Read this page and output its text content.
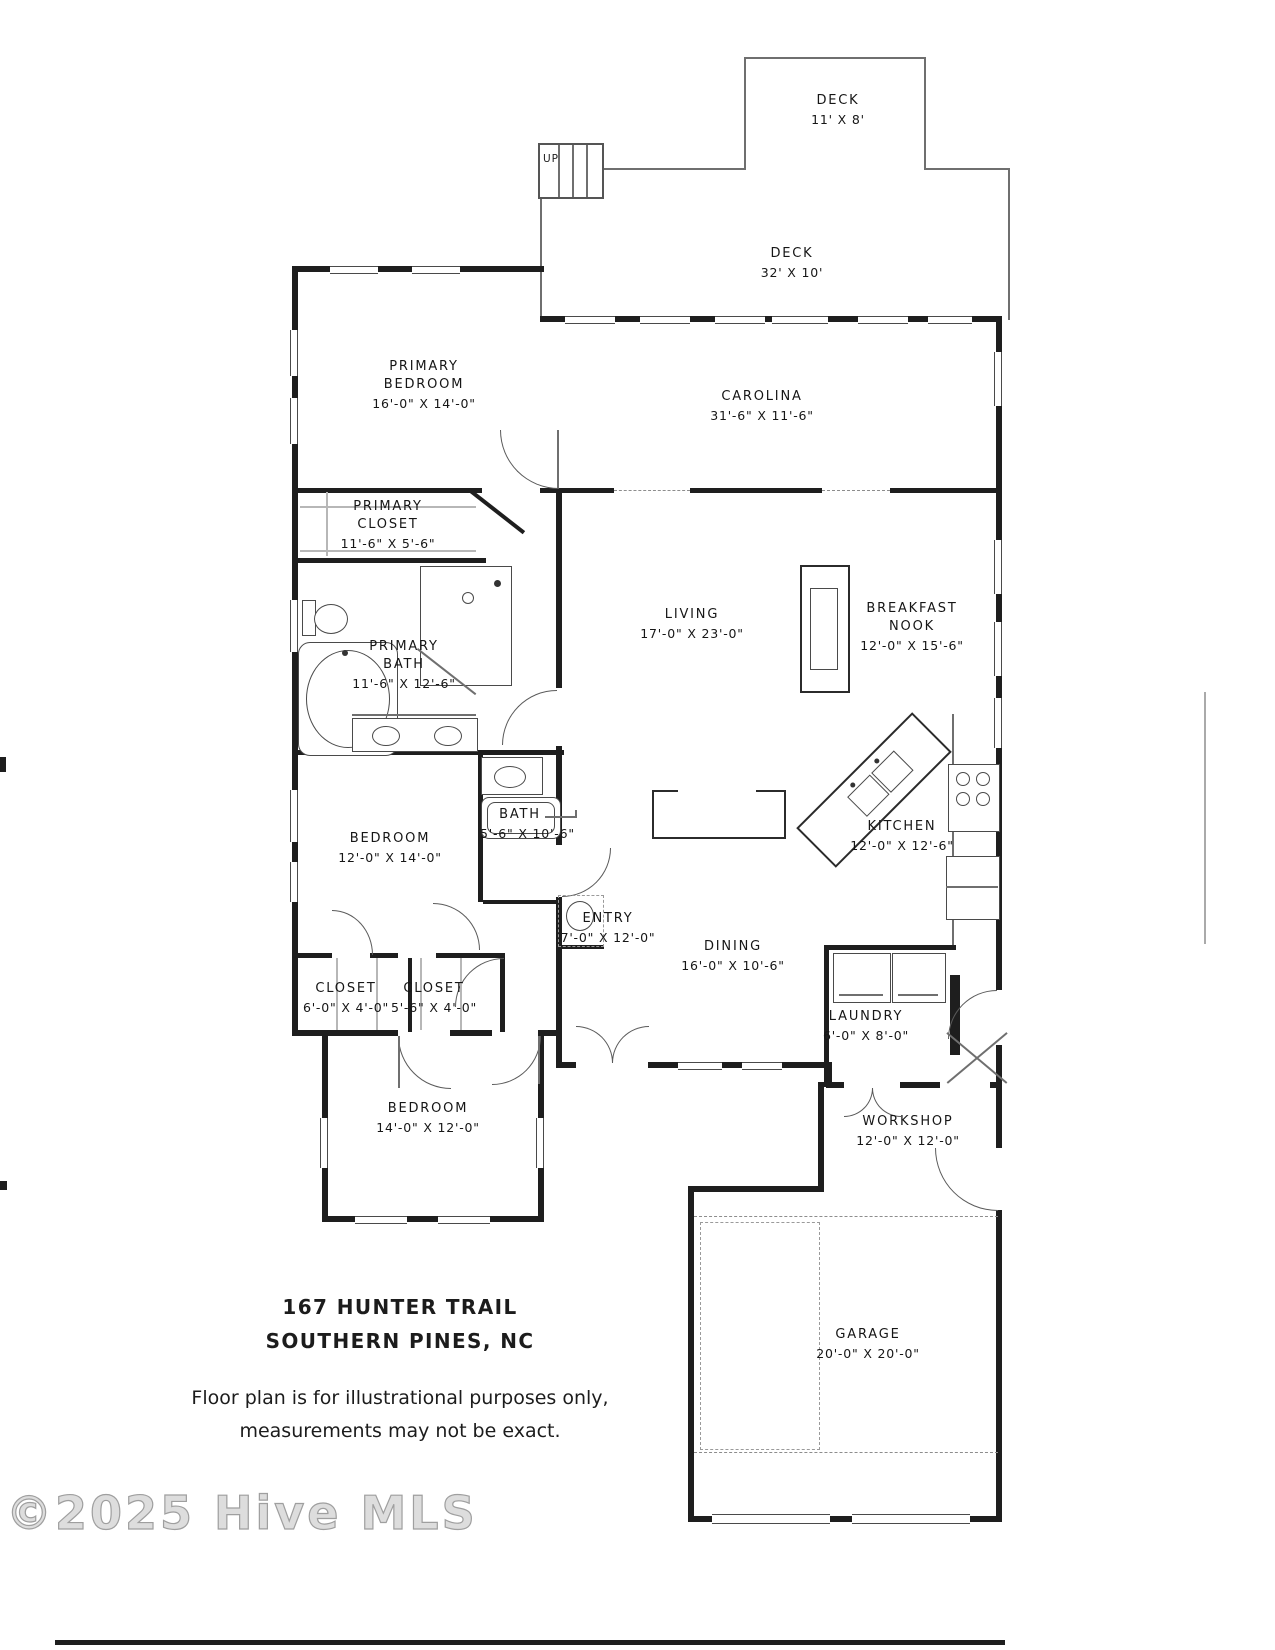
UP
DECK
11' X 8'
DECK
32' X 10'
PRIMARY BEDROOM
16'-0" X 14'-0"	CAROLINA
31'-6" X 11'-6"
PRIMARY CLOSET
11'-6" X 5'-6"
PRIMARY BATH
11'-6" X 12'-6"
LIVING
17'-0" X 23'-0"
BREAKFAST NOOK
12'-0" X 15'-6"
BEDROOM
12'-0" X 14'-0"
BATH
5'-6" X 10'-6"
ENTRY
7'-0" X 12'-0"
DINING
16'-0" X 10'-6"
KITCHEN
12'-0" X 12'-6"
LAUNDRY
6'-0" X 8'-0"
CLOSET
6'-0" X 4'-0"
CLOSET
5'-6" X 4'-0"
BEDROOM
14'-0" X 12'-0"	WORKSHOP
12'-0" X 12'-0"
GARAGE
20'-0" X 20'-0"
167 HUNTER TRAIL
SOUTHERN PINES, NC
Floor plan is for illustrational purposes only,
measurements may not be exact.
©2025 Hive MLS
